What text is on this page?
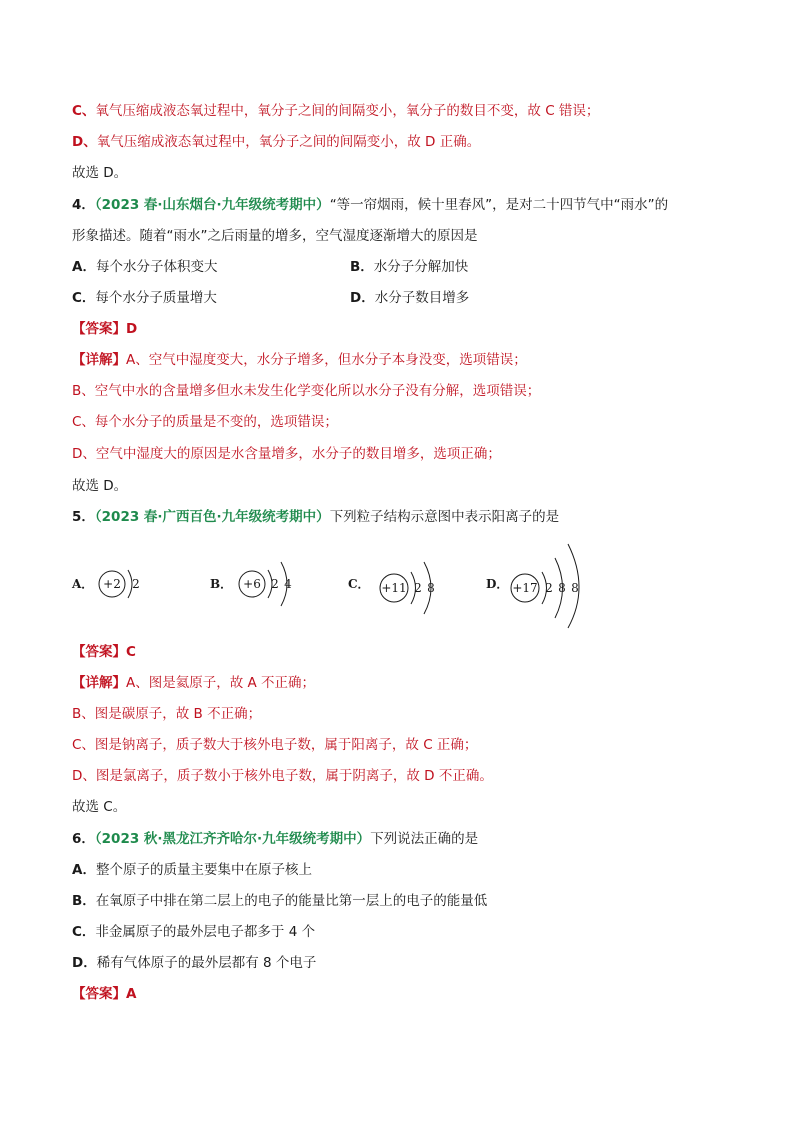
C、氧气压缩成液态氧过程中，氧分子之间的间隔变小，氧分子的数目不变，故 C 错误；
D、氧气压缩成液态氧过程中，氧分子之间的间隔变小，故 D 正确。
故选 D。
4．（2023 春·山东烟台·九年级统考期中）“等一帘烟雨，候十里春风”，是对二十四节气中“雨水”的
形象描述。随着“雨水”之后雨量的增多，空气湿度逐渐增大的原因是
A．每个水分子体积变大	B．水分子分解加快
C．每个水分子质量增大	D．水分子数目增多
【答案】D
【详解】A、空气中湿度变大，水分子增多，但水分子本身没变，选项错误；
B、空气中水的含量增多但水未发生化学变化所以水分子没有分解，选项错误；
C、每个水分子的质量是不变的，选项错误；
D、空气中湿度大的原因是水含量增多，水分子的数目增多，选项正确；
故选 D。
5．（2023 春·广西百色·九年级统考期中）下列粒子结构示意图中表示阳离子的是
A． +2 2	B． +6 2 4	C． +11 2 8	D． +17 2 8 8
【答案】C
【详解】A、图是氦原子，故 A 不正确；
B、图是碳原子，故 B 不正确；
C、图是钠离子，质子数大于核外电子数，属于阳离子，故 C 正确；
D、图是氯离子，质子数小于核外电子数，属于阴离子，故 D 不正确。
故选 C。
6．（2023 秋·黑龙江齐齐哈尔·九年级统考期中）下列说法正确的是
A．整个原子的质量主要集中在原子核上
B．在氧原子中排在第二层上的电子的能量比第一层上的电子的能量低
C．非金属原子的最外层电子都多于 4 个
D．稀有气体原子的最外层都有 8 个电子
【答案】A
